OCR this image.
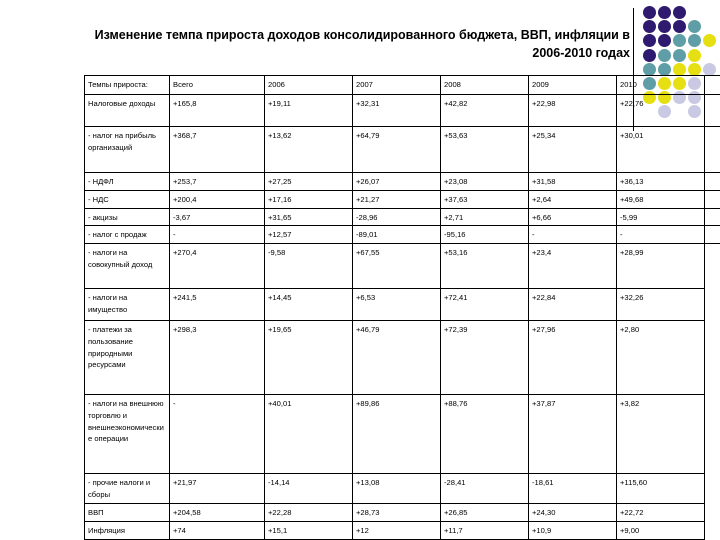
Изменение темпа прироста доходов консолидированного бюджета, ВВП, инфляции в
2006-2010 годах
Темпы прироста:	Всего	2006	2007	2008	2009	2010	
Налоговые доходы	+165,8	+19,11	+32,31	+42,82	+22,98	+22,76	
- налог на прибыль организаций	+368,7	+13,62	+64,79	+53,63	+25,34	+30,01	
- НДФЛ	+253,7	+27,25	+26,07	+23,08	+31,58	+36,13	
- НДС	+200,4	+17,16	+21,27	+37,63	+2,64	+49,68	
- акцизы	-3,67	+31,65	-28,96	+2,71	+6,66	-5,99	
- налог с продаж	-	+12,57	-89,01	-95,16	-	-	
- налоги на совокупный доход	+270,4	-9,58	+67,55	+53,16	+23,4	+28,99	
- налоги на имущество	+241,5	+14,45	+6,53	+72,41	+22,84	+32,26	
- платежи за пользование природными ресурсами	+298,3	+19,65	+46,79	+72,39	+27,96	+2,80	
- налоги на внешнюю торговлю и внешнеэкономические операции	-	+40,01	+89,86	+88,76	+37,87	+3,82	
- прочие налоги и сборы	+21,97	-14,14	+13,08	-28,41	-18,61	+115,60	
ВВП	+204,58	+22,28	+28,73	+26,85	+24,30	+22,72	
Инфляция	+74	+15,1	+12	+11,7	+10,9	+9,00	
